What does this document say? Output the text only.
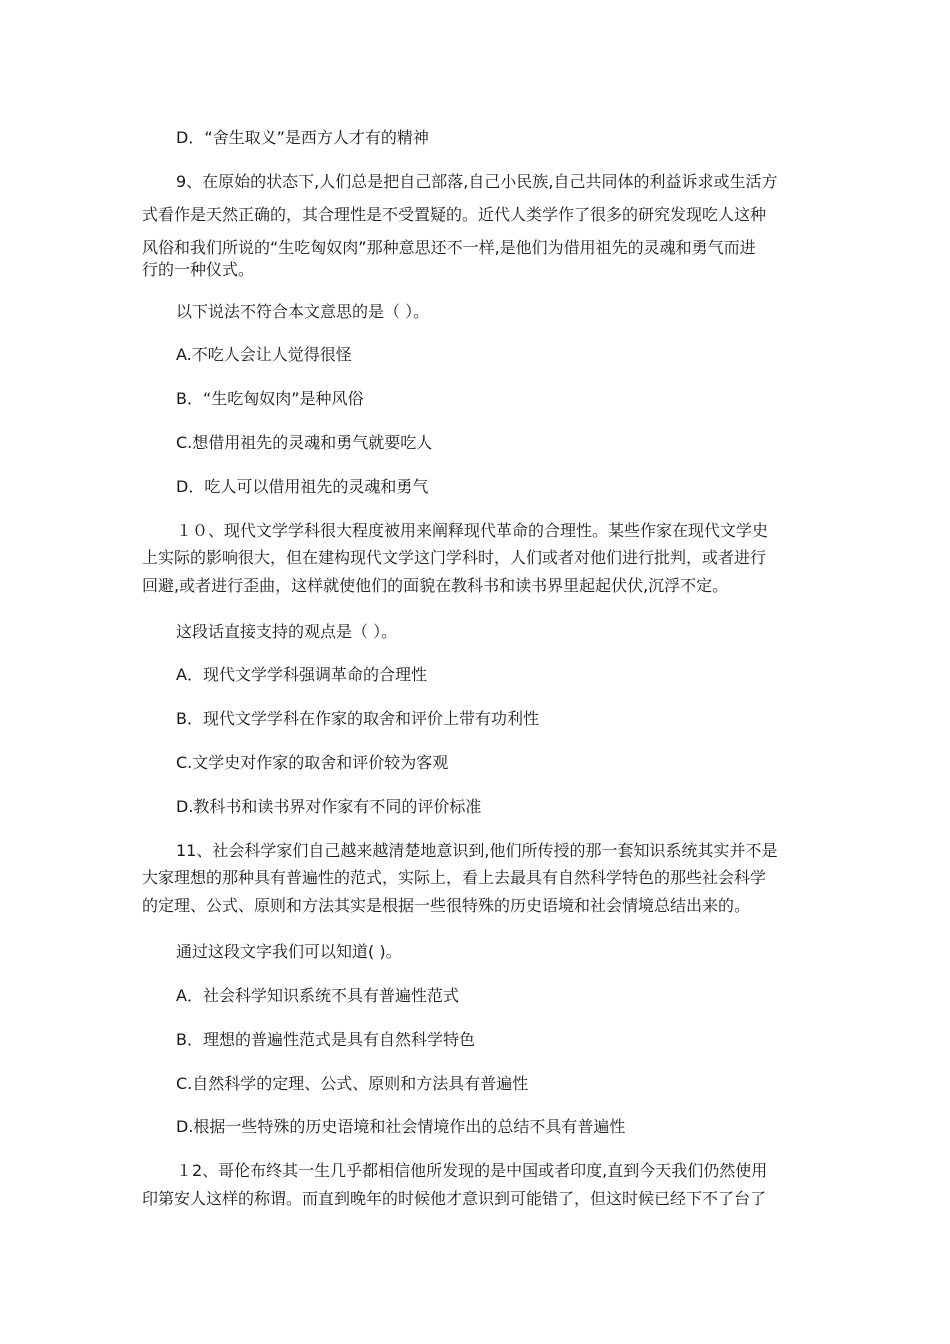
D．“舍生取义”是西方人才有的精神
9、在原始的状态下,人们总是把自己部落,自己小民族,自己共同体的利益诉求或生活方
式看作是天然正确的，其合理性是不受置疑的。近代人类学作了很多的研究发现吃人这种
风俗和我们所说的“生吃匈奴肉”那种意思还不一样,是他们为借用祖先的灵魂和勇气而进
行的一种仪式。
以下说法不符合本文意思的是（ ）。
A.不吃人会让人觉得很怪
B．“生吃匈奴肉”是种风俗
C.想借用祖先的灵魂和勇气就要吃人
D．吃人可以借用祖先的灵魂和勇气
１０、现代文学学科很大程度被用来阐释现代革命的合理性。某些作家在现代文学史
上实际的影响很大，但在建构现代文学这门学科时，人们或者对他们进行批判，或者进行
回避,或者进行歪曲，这样就使他们的面貌在教科书和读书界里起起伏伏,沉浮不定。
这段话直接支持的观点是（ ）。
A．现代文学学科强调革命的合理性
B．现代文学学科在作家的取舍和评价上带有功利性
C.文学史对作家的取舍和评价较为客观
D.教科书和读书界对作家有不同的评价标准
11、社会科学家们自己越来越清楚地意识到,他们所传授的那一套知识系统其实并不是
大家理想的那种具有普遍性的范式，实际上，看上去最具有自然科学特色的那些社会科学
的定理、公式、原则和方法其实是根据一些很特殊的历史语境和社会情境总结出来的。
通过这段文字我们可以知道( )。
A．社会科学知识系统不具有普遍性范式
B．理想的普遍性范式是具有自然科学特色
C.自然科学的定理、公式、原则和方法具有普遍性
D.根据一些特殊的历史语境和社会情境作出的总结不具有普遍性
１2、哥伦布终其一生几乎都相信他所发现的是中国或者印度,直到今天我们仍然使用
印第安人这样的称谓。而直到晚年的时候他才意识到可能错了，但这时候已经下不了台了
